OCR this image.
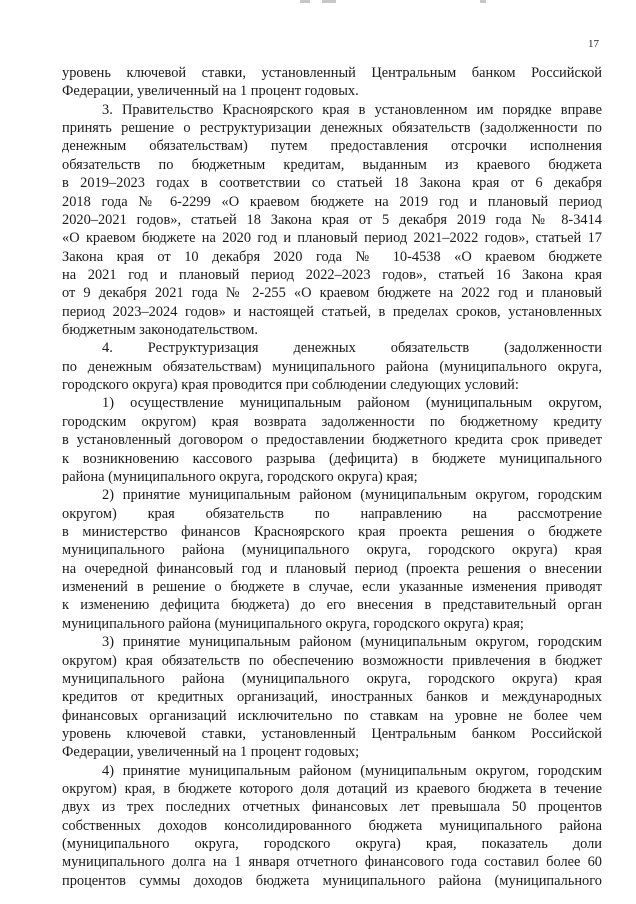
17
уровень ключевой ставки, установленный Центральным банком Российской
Федерации, увеличенный на 1 процент годовых.
3. Правительство Красноярского края в установленном им порядке вправе
принять решение о реструктуризации денежных обязательств (задолженности по
денежным обязательствам) путем предоставления отсрочки исполнения
обязательств по бюджетным кредитам, выданным из краевого бюджета
в 2019–2023 годах в соответствии со статьей 18 Закона края от 6 декабря
2018 года № 6-2299 «О краевом бюджете на 2019 год и плановый период
2020–2021 годов», статьей 18 Закона края от 5 декабря 2019 года № 8-3414
«О краевом бюджете на 2020 год и плановый период 2021–2022 годов», статьей 17
Закона края от 10 декабря 2020 года № 10-4538 «О краевом бюджете
на 2021 год и плановый период 2022–2023 годов», статьей 16 Закона края
от 9 декабря 2021 года № 2-255 «О краевом бюджете на 2022 год и плановый
период 2023–2024 годов» и настоящей статьей, в пределах сроков, установленных
бюджетным законодательством.
4. Реструктуризация денежных обязательств (задолженности
по денежным обязательствам) муниципального района (муниципального округа,
городского округа) края проводится при соблюдении следующих условий:
1) осуществление муниципальным районом (муниципальным округом,
городским округом) края возврата задолженности по бюджетному кредиту
в установленный договором о предоставлении бюджетного кредита срок приведет
к возникновению кассового разрыва (дефицита) в бюджете муниципального
района (муниципального округа, городского округа) края;
2) принятие муниципальным районом (муниципальным округом, городским
округом) края обязательств по направлению на рассмотрение
в министерство финансов Красноярского края проекта решения о бюджете
муниципального района (муниципального округа, городского округа) края
на очередной финансовый год и плановый период (проекта решения о внесении
изменений в решение о бюджете в случае, если указанные изменения приводят
к изменению дефицита бюджета) до его внесения в представительный орган
муниципального района (муниципального округа, городского округа) края;
3) принятие муниципальным районом (муниципальным округом, городским
округом) края обязательств по обеспечению возможности привлечения в бюджет
муниципального района (муниципального округа, городского округа) края
кредитов от кредитных организаций, иностранных банков и международных
финансовых организаций исключительно по ставкам на уровне не более чем
уровень ключевой ставки, установленный Центральным банком Российской
Федерации, увеличенный на 1 процент годовых;
4) принятие муниципальным районом (муниципальным округом, городским
округом) края, в бюджете которого доля дотаций из краевого бюджета в течение
двух из трех последних отчетных финансовых лет превышала 50 процентов
собственных доходов консолидированного бюджета муниципального района
(муниципального округа, городского округа) края, показатель доли
муниципального долга на 1 января отчетного финансового года составил более 60
процентов суммы доходов бюджета муниципального района (муниципального
